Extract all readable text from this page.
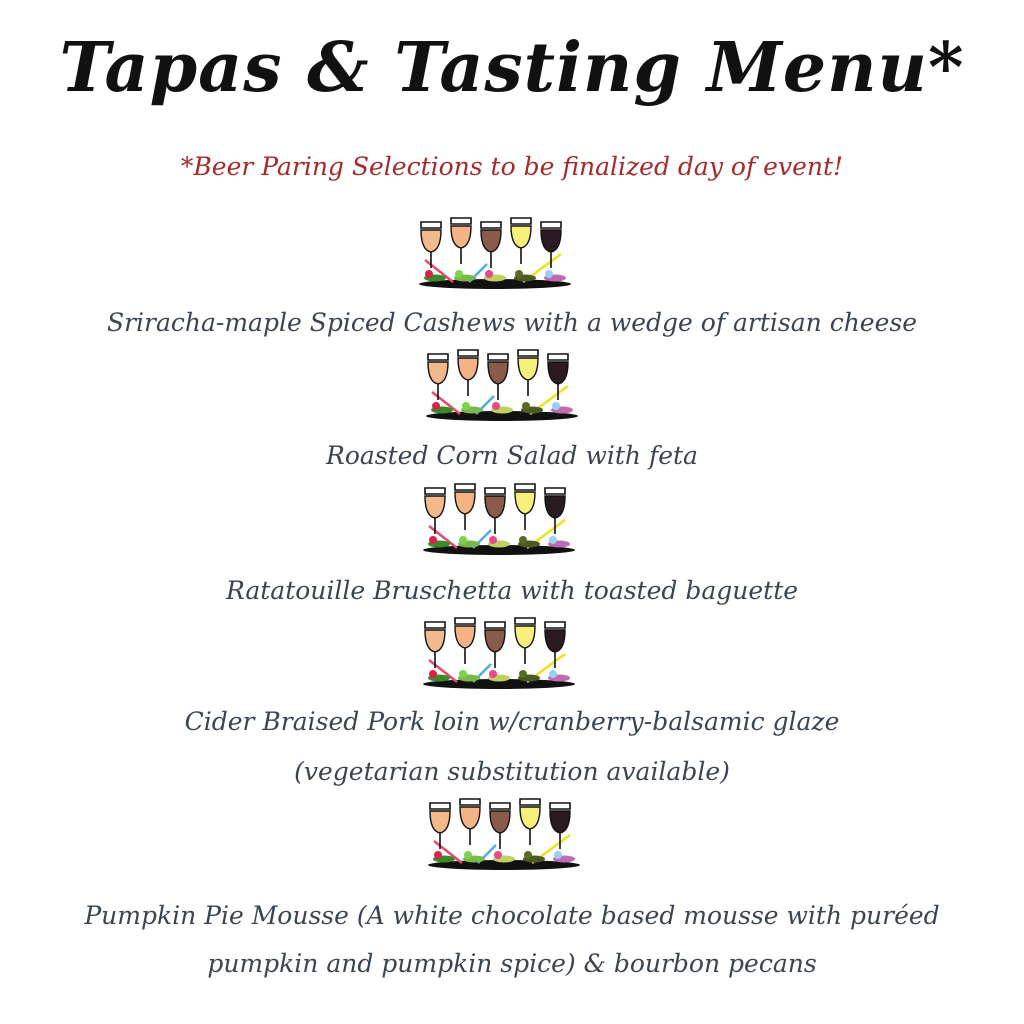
Tapas & Tasting Menu*

*Beer Paring Selections to be finalized day of event!

Sriracha-maple Spiced Cashews with a wedge of artisan cheese

Roasted Corn Salad with feta

Ratatouille Bruschetta with toasted baguette

Cider Braised Pork loin w/cranberry-balsamic glaze

(vegetarian substitution available)

Pumpkin Pie Mousse (A white chocolate based mousse with puréed

pumpkin and pumpkin spice) & bourbon pecans
